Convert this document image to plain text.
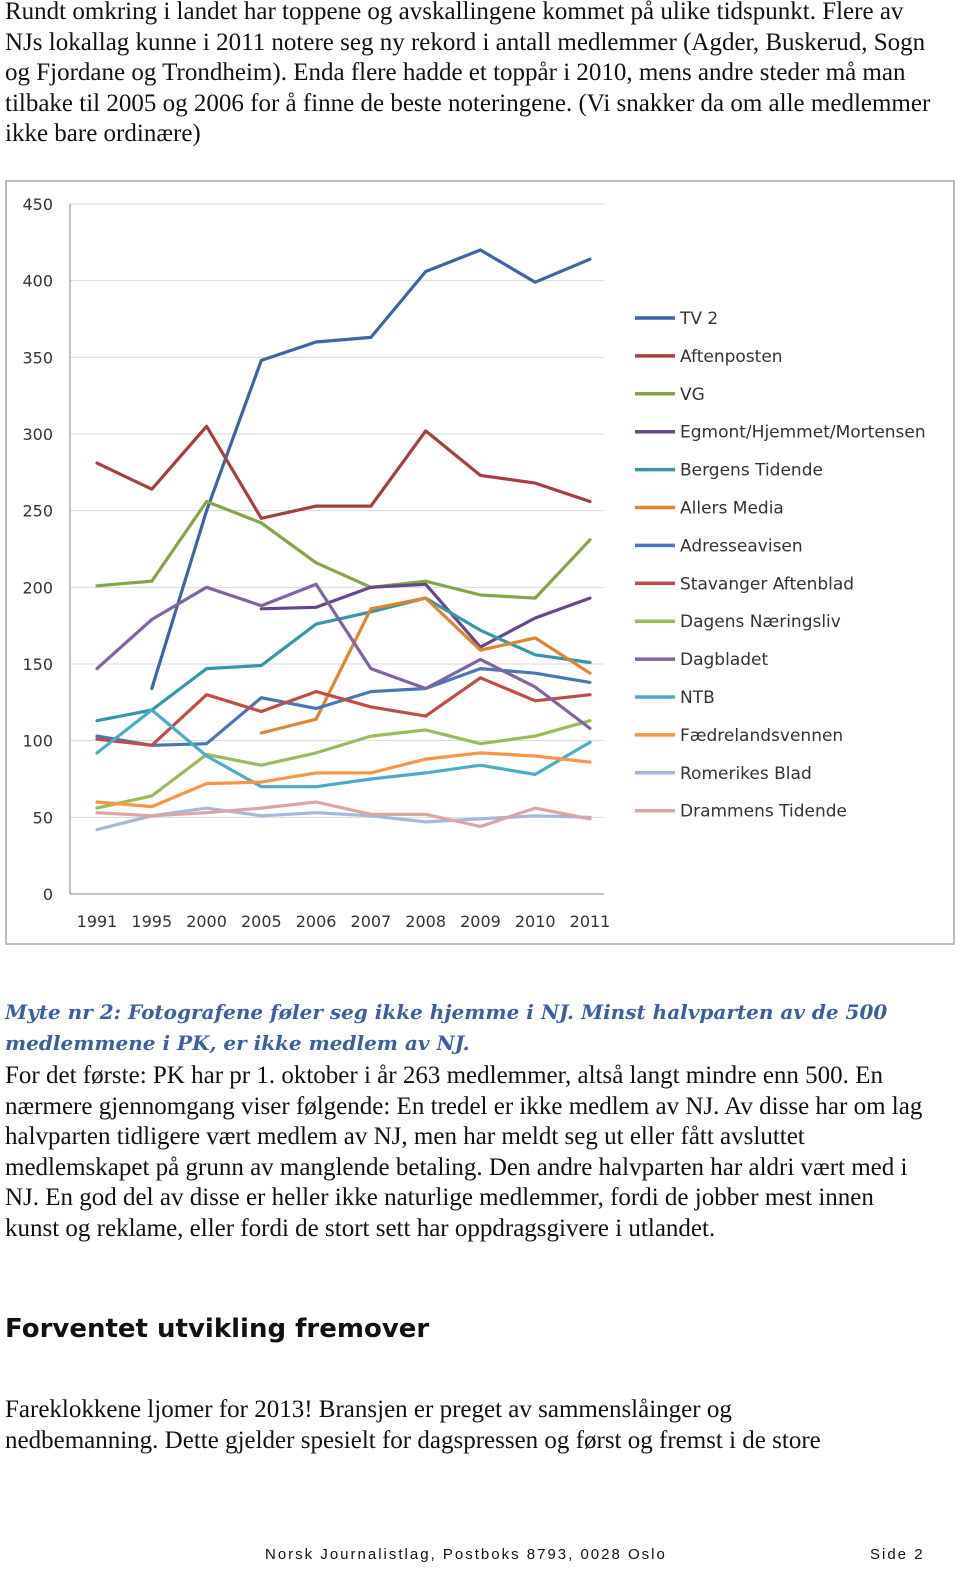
Rundt omkring i landet har toppene og avskallingene kommet på ulike tidspunkt. Flere av NJs lokallag kunne i 2011 notere seg ny rekord i antall medlemmer (Agder, Buskerud, Sogn og Fjordane og Trondheim). Enda flere hadde et toppår i 2010, mens andre steder må man tilbake til 2005 og 2006 for å finne de beste noteringene. (Vi snakker da om alle medlemmer ikke bare ordinære)

0
50
100
150
200
250
300
350
400
450
1991 1995 2000 2005 2006 2007 2008 2009 2010 2011
TV 2
Aftenposten
VG
Egmont/Hjemmet/Mortensen
Bergens Tidende
Allers Media
Adresseavisen
Stavanger Aftenblad
Dagens Næringsliv
Dagbladet
NTB
Fædrelandsvennen
Romerikes Blad
Drammens Tidende

Myte nr 2: Fotografene føler seg ikke hjemme i NJ. Minst halvparten av de 500 medlemmene i PK, er ikke medlem av NJ.

For det første: PK har pr 1. oktober i år 263 medlemmer, altså langt mindre enn 500. En nærmere gjennomgang viser følgende: En tredel er ikke medlem av NJ. Av disse har om lag halvparten tidligere vært medlem av NJ, men har meldt seg ut eller fått avsluttet medlemskapet på grunn av manglende betaling. Den andre halvparten har aldri vært med i NJ. En god del av disse er heller ikke naturlige medlemmer, fordi de jobber mest innen kunst og reklame, eller fordi de stort sett har oppdragsgivere i utlandet.

Forventet utvikling fremover

Fareklokkene ljomer for 2013! Bransjen er preget av sammenslåinger og nedbemanning. Dette gjelder spesielt for dagspressen og først og fremst i de store

Norsk Journalistlag, Postboks 8793, 0028 Oslo	Side 2
